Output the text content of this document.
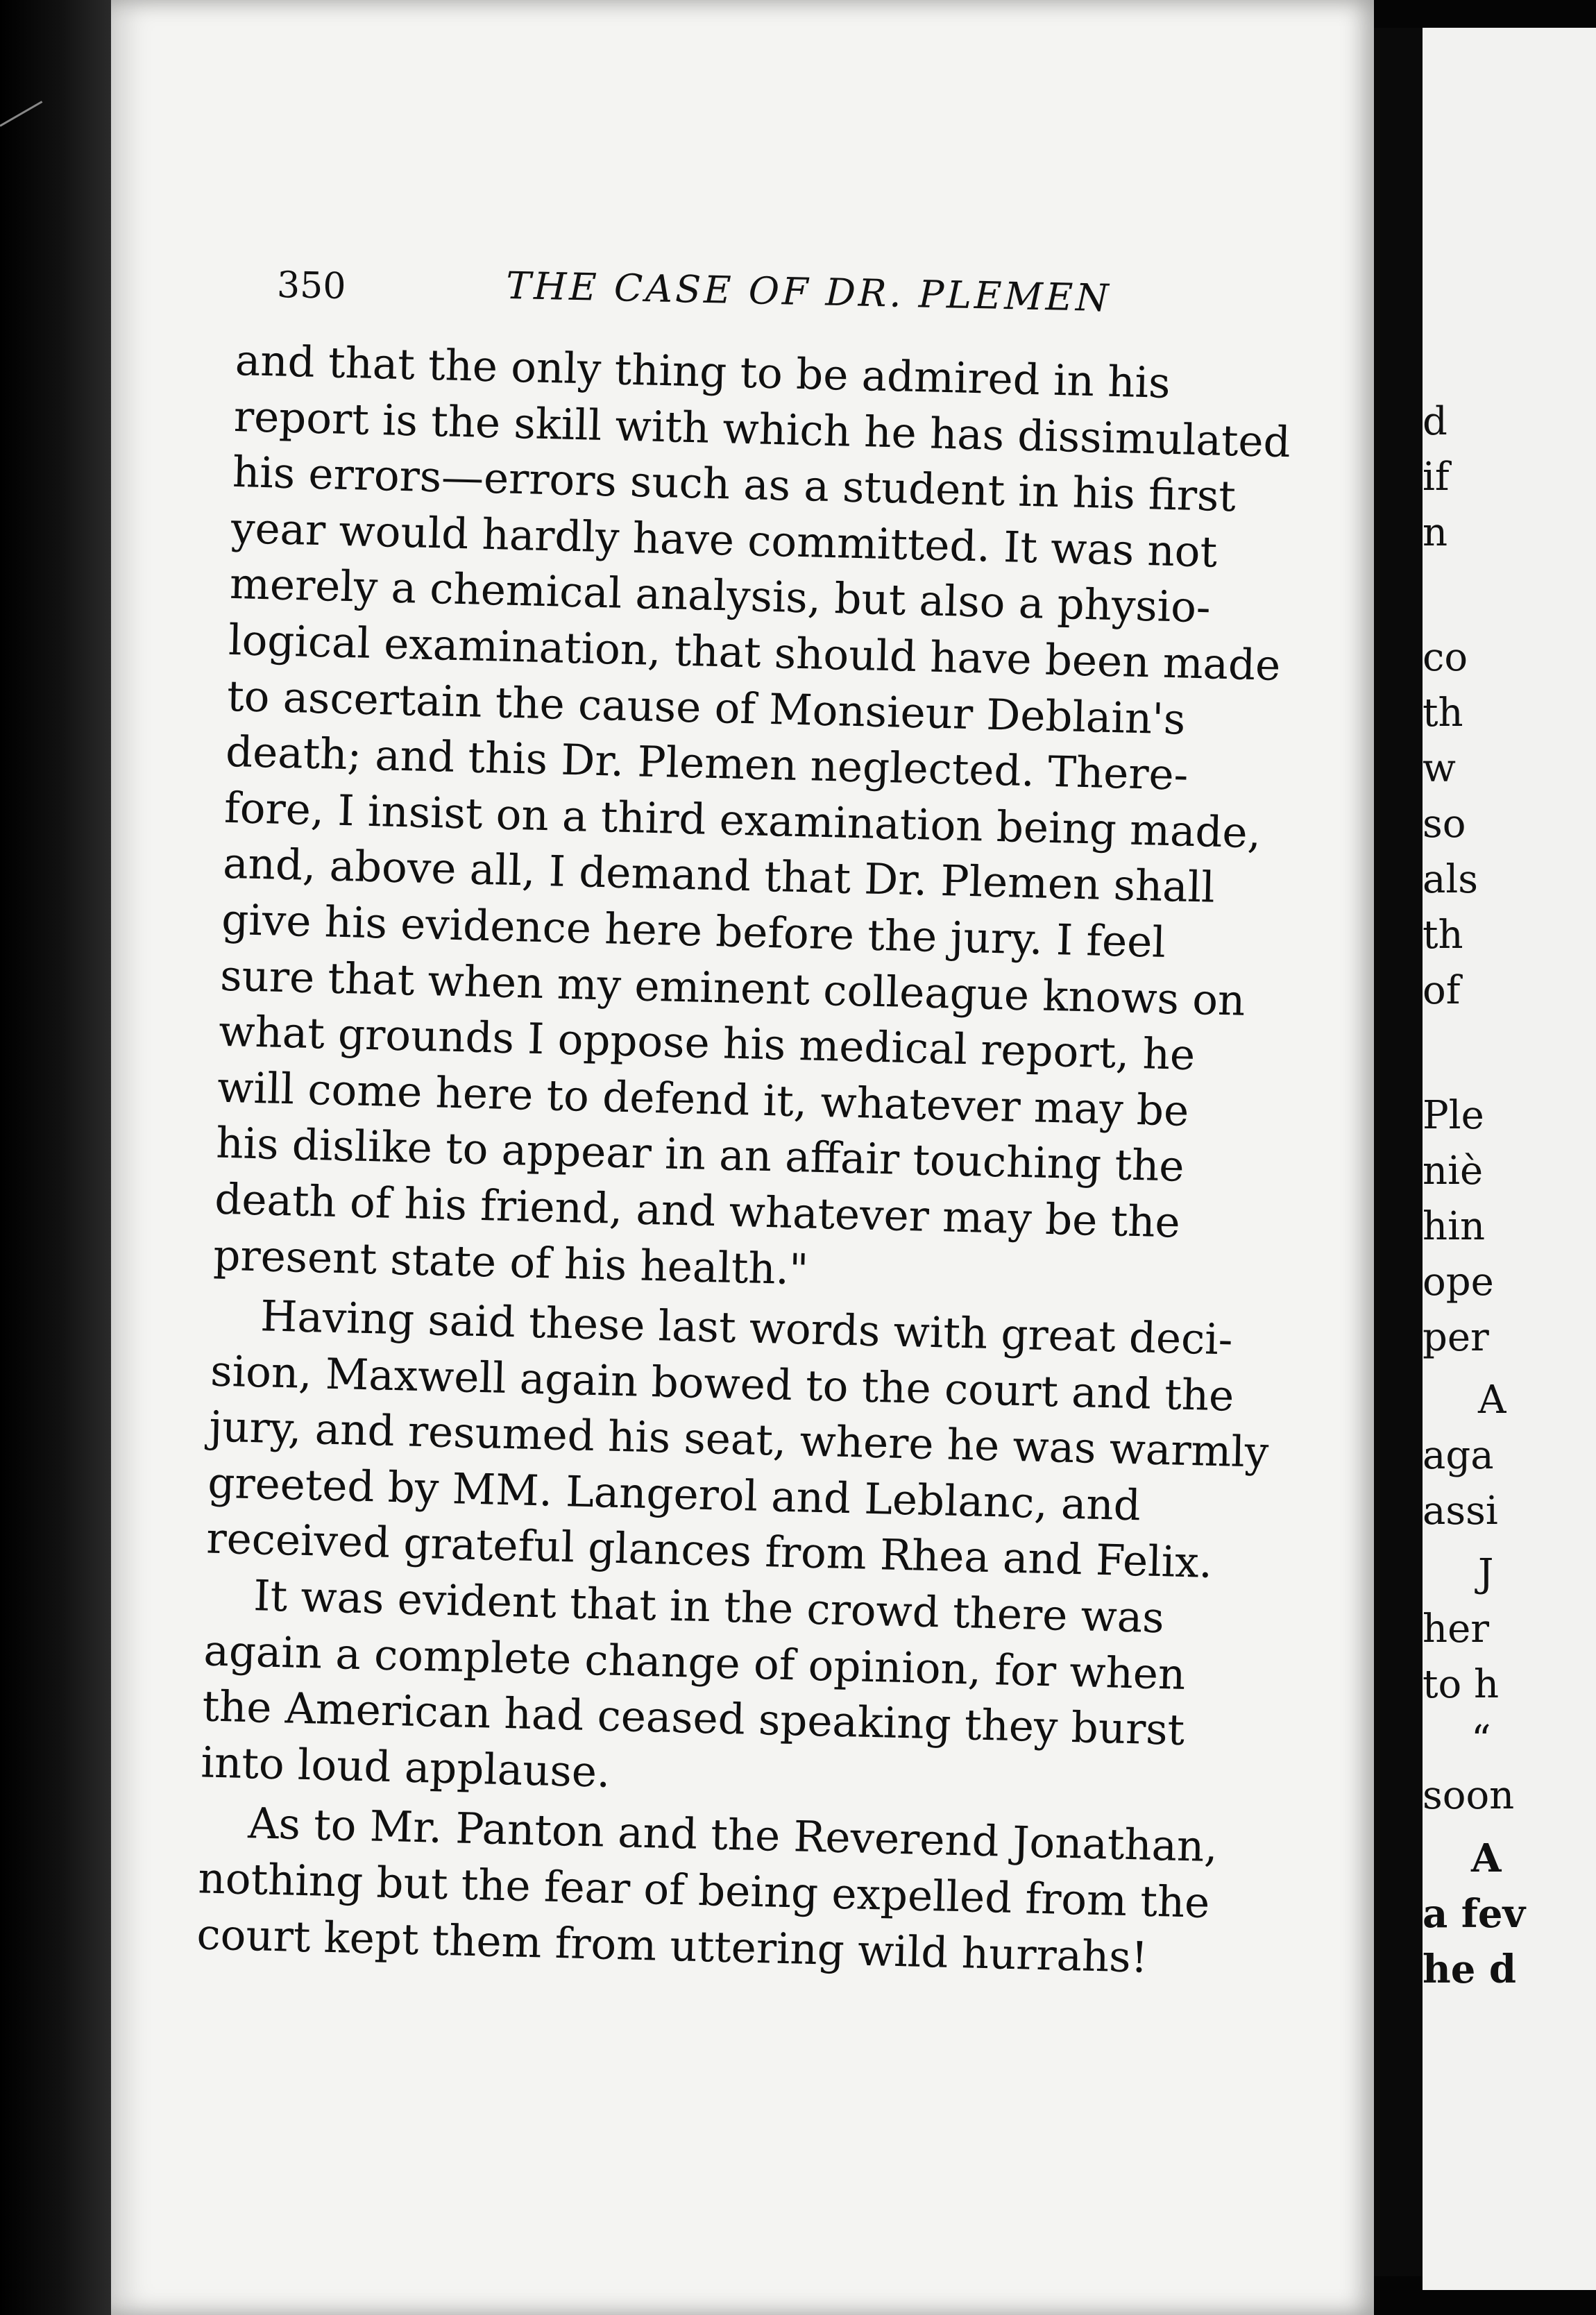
d

if

n

co

th

w

so

als

th

of

Ple

niè

hin

ope

per

A

aga

assi

J

her

to h

“

soon

A

a fev

he d

350	THE CASE OF DR. PLEMEN

and that the only thing to be admired in his

report is the skill with which he has dissimulated

his errors—errors such as a student in his first

year would hardly have committed. It was not

merely a chemical analysis, but also a physio-

logical examination, that should have been made

to ascertain the cause of Monsieur Deblain's

death; and this Dr. Plemen neglected. There-

fore, I insist on a third examination being made,

and, above all, I demand that Dr. Plemen shall

give his evidence here before the jury. I feel

sure that when my eminent colleague knows on

what grounds I oppose his medical report, he

will come here to defend it, whatever may be

his dislike to appear in an affair touching the

death of his friend, and whatever may be the

present state of his health."

Having said these last words with great deci-

sion, Maxwell again bowed to the court and the

jury, and resumed his seat, where he was warmly

greeted by MM. Langerol and Leblanc, and

received grateful glances from Rhea and Felix.

It was evident that in the crowd there was

again a complete change of opinion, for when

the American had ceased speaking they burst

into loud applause.

As to Mr. Panton and the Reverend Jonathan,

nothing but the fear of being expelled from the

court kept them from uttering wild hurrahs!
